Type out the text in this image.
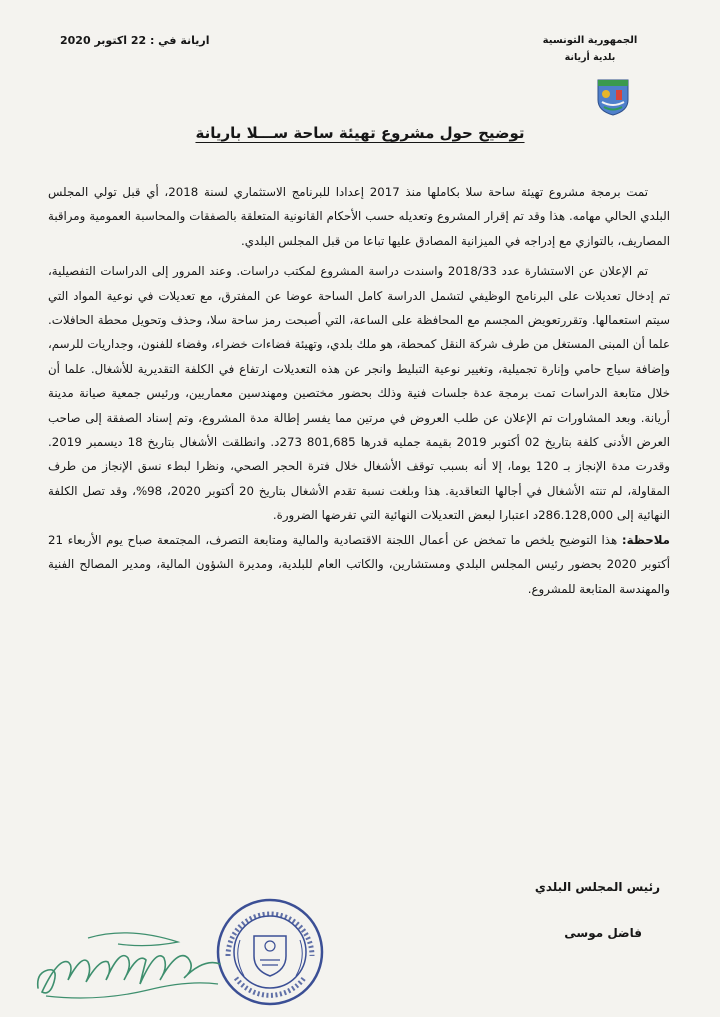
الجمهورية التونسية
بلدية أريانة
اريانة في : 22 اكتوبر 2020
توضيح حول مشروع تهيئة ساحة ســـلا باريانة

تمت برمجة مشروع تهيئة ساحة سلا بكاملها منذ 2017 إعدادا للبرنامج الاستثماري لسنة 2018، أي قبل تولي المجلس البلدي الحالي مهامه. هذا وقد تم إقرار المشروع وتعديله حسب الأحكام القانونية المتعلقة بالصفقات والمحاسبة العمومية ومراقبة المصاريف، بالتوازي مع إدراجه في الميزانية المصادق عليها تباعا من قبل المجلس البلدي.

تم الإعلان عن الاستشارة عدد 2018/33 واسندت دراسة المشروع لمكتب دراسات. وعند المرور إلى الدراسات التفصيلية، تم إدخال تعديلات على البرنامج الوظيفي لتشمل الدراسة كامل الساحة عوضا عن المفترق، مع تعديلات في نوعية المواد التي سيتم استعمالها. وتقررتعويض المجسم مع المحافظة على الساعة، التي أصبحت رمز ساحة سلا، وحذف وتحويل محطة الحافلات. علما أن المبنى المستغل من طرف شركة النقل كمحطة، هو ملك بلدي، وتهيئة فضاءات خضراء، وفضاء للفنون، وجداريات للرسم، وإضافة سياج حامي وإنارة تجميلية، وتغيير نوعية التبليط وانجر عن هذه التعديلات ارتفاع في الكلفة التقديرية للأشغال. علما أن خلال متابعة الدراسات تمت برمجة عدة جلسات فنية وذلك بحضور مختصين ومهندسين معماريين، ورئيس جمعية صيانة مدينة أريانة. وبعد المشاورات تم الإعلان عن طلب العروض في مرتين مما يفسر إطالة مدة المشروع، وتم إسناد الصفقة إلى صاحب العرض الأدنى كلفة بتاريخ 02 أكتوبر 2019 بقيمة جمليه قدرها 801,685 273د. وانطلقت الأشغال بتاريخ 18 ديسمبر 2019. وقدرت مدة الإنجاز بـ 120 يوما، إلا أنه بسبب توقف الأشغال خلال فترة الحجر الصحي، ونظرا لبطء نسق الإنجاز من طرف المقاولة، لم تنته الأشغال في أجالها التعاقدية. هذا وبلغت نسبة تقدم الأشغال بتاريخ 20 أكتوبر 2020، 98%، وقد تصل الكلفة النهائية إلى 286.128,000د اعتبارا لبعض التعديلات النهائية التي تفرضها الضرورة.

ملاحظة: هذا التوضيح يلخص ما تمخض عن أعمال اللجنة الاقتصادية والمالية ومتابعة التصرف، المجتمعة صباح يوم الأربعاء 21 أكتوبر 2020 بحضور رئيس المجلس البلدي ومستشارين، والكاتب العام للبلدية، ومديرة الشؤون المالية، ومدير المصالح الفنية والمهندسة المتابعة للمشروع.

رئيس المجلس البلدي
فاضل موسى
